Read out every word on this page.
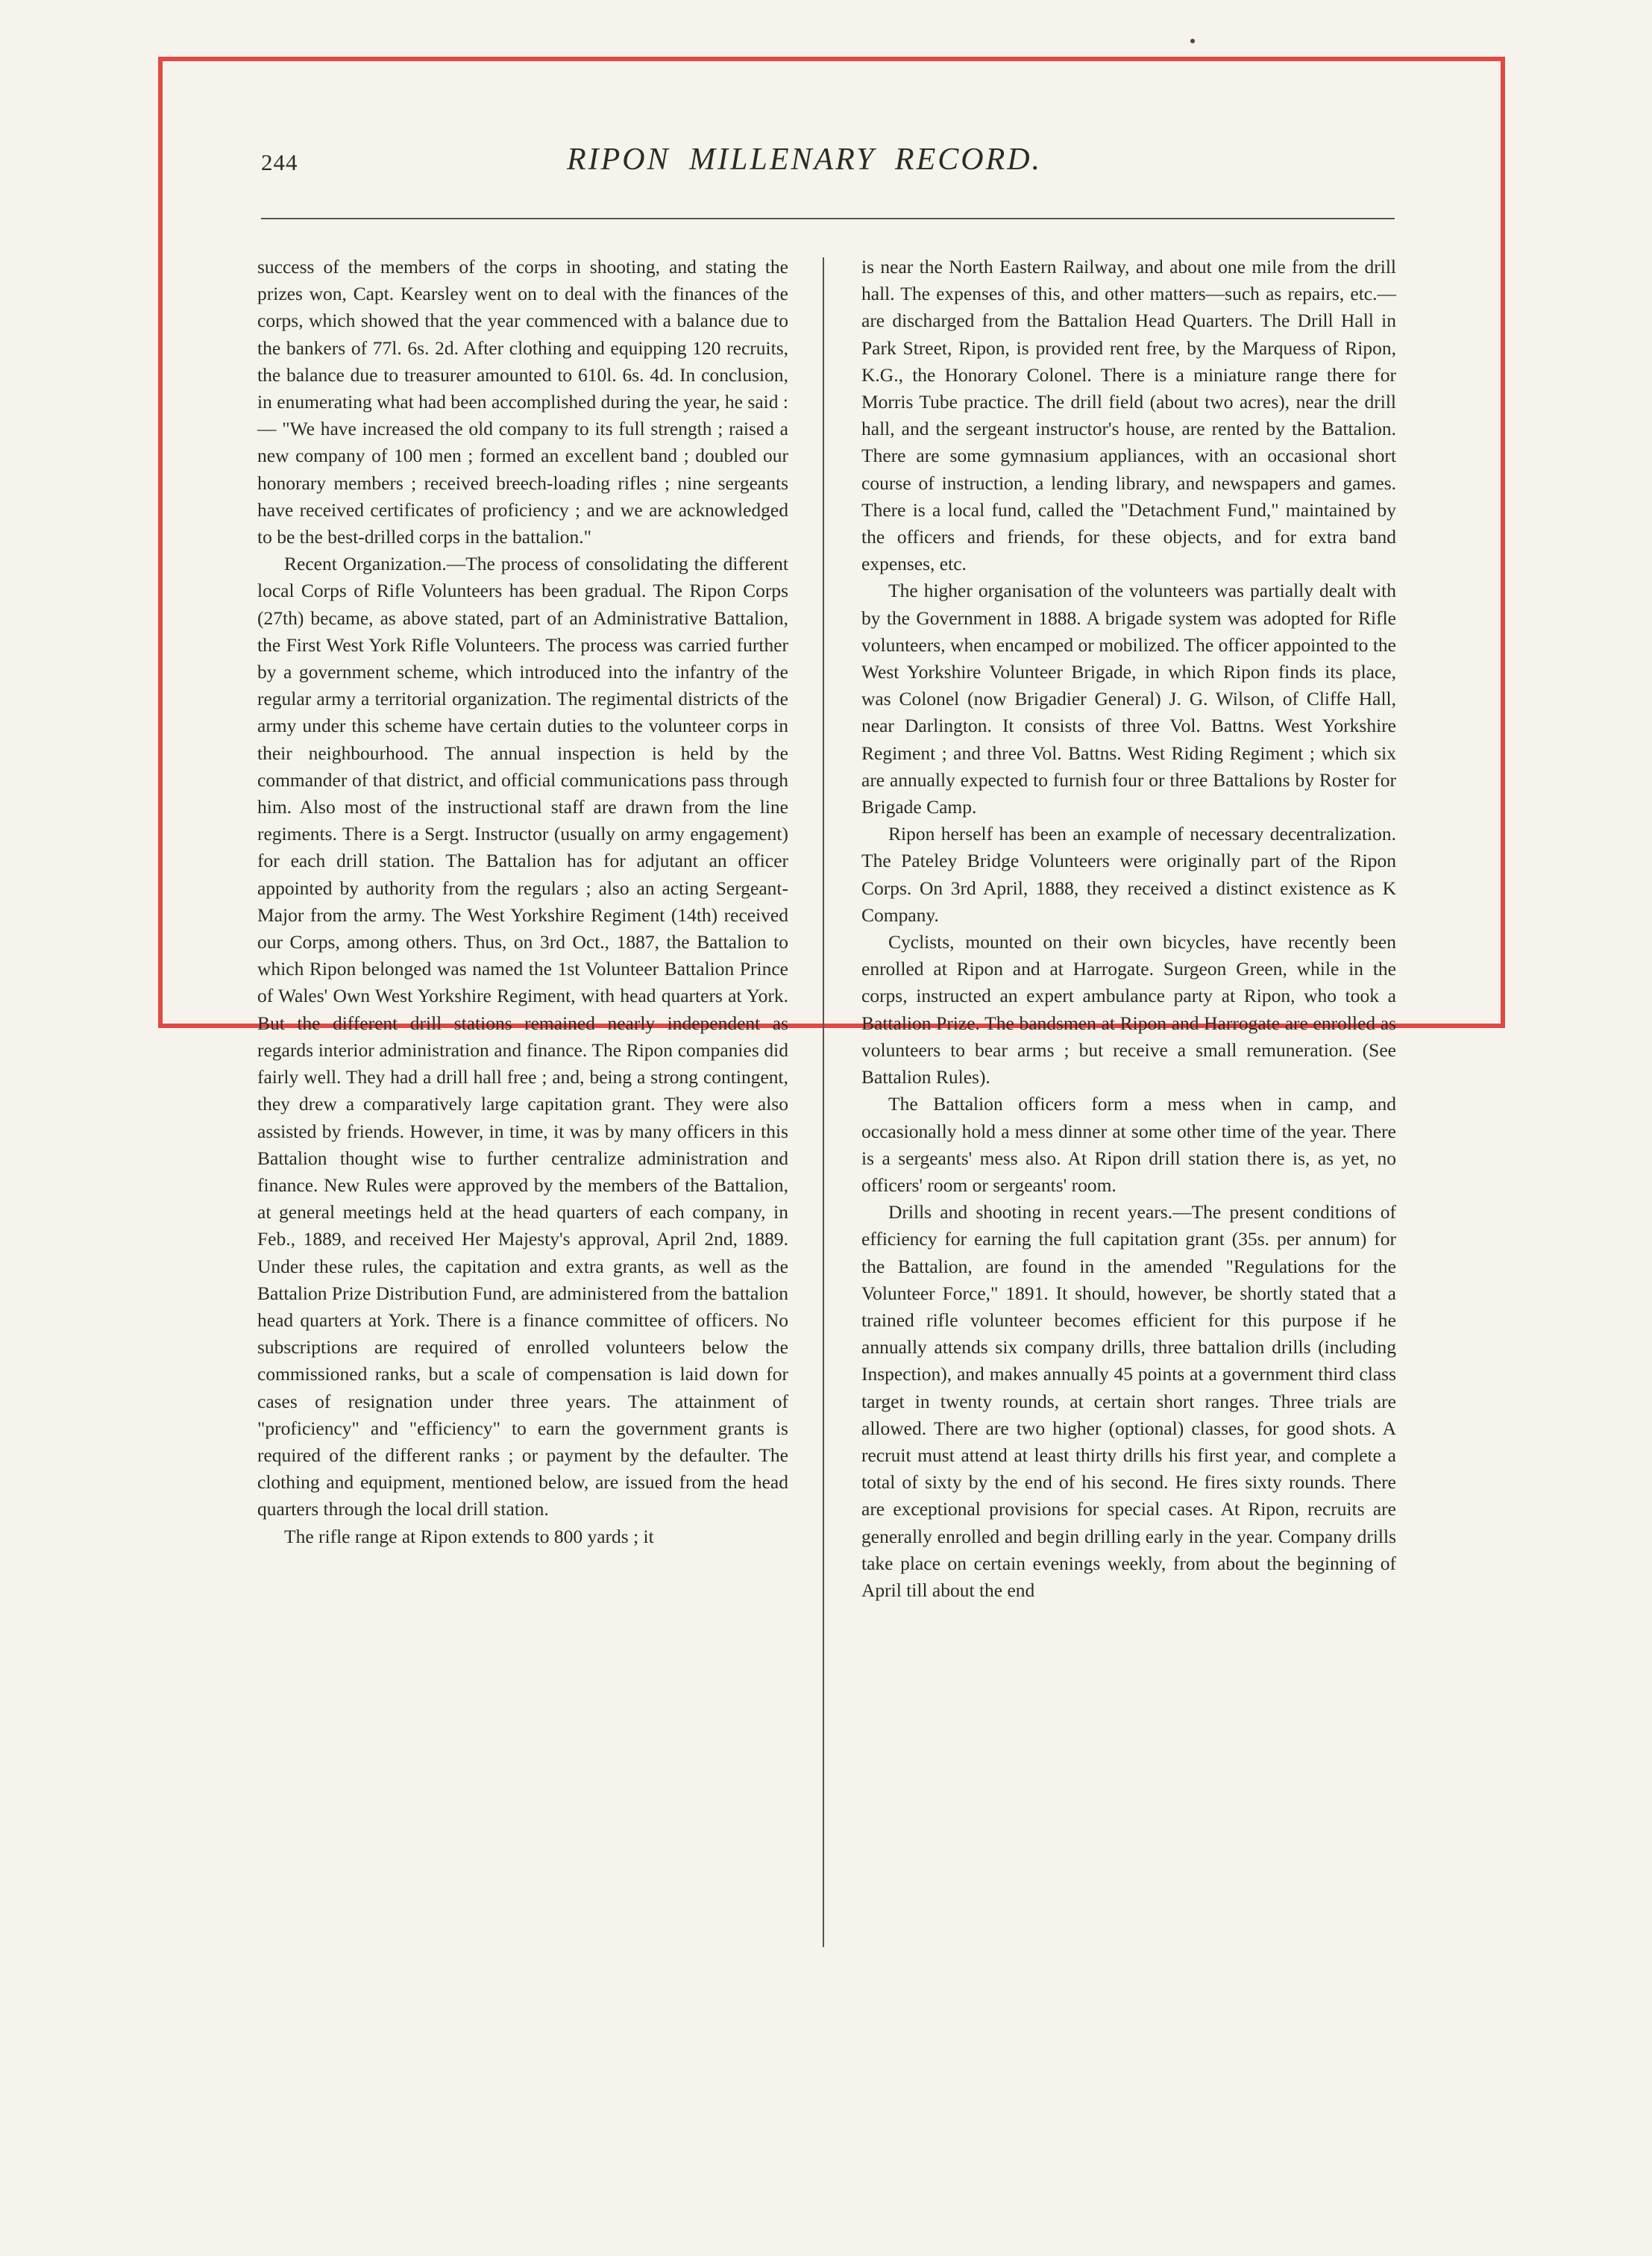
244	RIPON MILLENARY RECORD.

success of the members of the corps in shooting, and stating the prizes won, Capt. Kearsley went on to deal with the finances of the corps, which showed that the year commenced with a balance due to the bankers of 77l. 6s. 2d. After clothing and equipping 120 recruits, the balance due to treasurer amounted to 610l. 6s. 4d. In conclusion, in enumerating what had been accomplished during the year, he said :— "We have increased the old company to its full strength ; raised a new company of 100 men ; formed an excellent band ; doubled our honorary members ; received breech-loading rifles ; nine sergeants have received certificates of proficiency ; and we are acknowledged to be the best-drilled corps in the battalion."

Recent Organization.—The process of consolidating the different local Corps of Rifle Volunteers has been gradual. The Ripon Corps (27th) became, as above stated, part of an Administrative Battalion, the First West York Rifle Volunteers. The process was carried further by a government scheme, which introduced into the infantry of the regular army a territorial organization. The regimental districts of the army under this scheme have certain duties to the volunteer corps in their neighbourhood. The annual inspection is held by the commander of that district, and official communications pass through him. Also most of the instructional staff are drawn from the line regiments. There is a Sergt. Instructor (usually on army engagement) for each drill station. The Battalion has for adjutant an officer appointed by authority from the regulars ; also an acting Sergeant-Major from the army. The West Yorkshire Regiment (14th) received our Corps, among others. Thus, on 3rd Oct., 1887, the Battalion to which Ripon belonged was named the 1st Volunteer Battalion Prince of Wales' Own West Yorkshire Regiment, with head quarters at York. But the different drill stations remained nearly independent as regards interior administration and finance. The Ripon companies did fairly well. They had a drill hall free ; and, being a strong contingent, they drew a comparatively large capitation grant. They were also assisted by friends. However, in time, it was by many officers in this Battalion thought wise to further centralize administration and finance. New Rules were approved by the members of the Battalion, at general meetings held at the head quarters of each company, in Feb., 1889, and received Her Majesty's approval, April 2nd, 1889. Under these rules, the capitation and extra grants, as well as the Battalion Prize Distribution Fund, are administered from the battalion head quarters at York. There is a finance committee of officers. No subscriptions are required of enrolled volunteers below the commissioned ranks, but a scale of compensation is laid down for cases of resignation under three years. The attainment of "proficiency" and "efficiency" to earn the government grants is required of the different ranks ; or payment by the defaulter. The clothing and equipment, mentioned below, are issued from the head quarters through the local drill station.

The rifle range at Ripon extends to 800 yards ; it

is near the North Eastern Railway, and about one mile from the drill hall. The expenses of this, and other matters—such as repairs, etc.—are discharged from the Battalion Head Quarters. The Drill Hall in Park Street, Ripon, is provided rent free, by the Marquess of Ripon, K.G., the Honorary Colonel. There is a miniature range there for Morris Tube practice. The drill field (about two acres), near the drill hall, and the sergeant instructor's house, are rented by the Battalion. There are some gymnasium appliances, with an occasional short course of instruction, a lending library, and newspapers and games. There is a local fund, called the "Detachment Fund," maintained by the officers and friends, for these objects, and for extra band expenses, etc.

The higher organisation of the volunteers was partially dealt with by the Government in 1888. A brigade system was adopted for Rifle volunteers, when encamped or mobilized. The officer appointed to the West Yorkshire Volunteer Brigade, in which Ripon finds its place, was Colonel (now Brigadier General) J. G. Wilson, of Cliffe Hall, near Darlington. It consists of three Vol. Battns. West Yorkshire Regiment ; and three Vol. Battns. West Riding Regiment ; which six are annually expected to furnish four or three Battalions by Roster for Brigade Camp.

Ripon herself has been an example of necessary decentralization. The Pateley Bridge Volunteers were originally part of the Ripon Corps. On 3rd April, 1888, they received a distinct existence as K Company.

Cyclists, mounted on their own bicycles, have recently been enrolled at Ripon and at Harrogate. Surgeon Green, while in the corps, instructed an expert ambulance party at Ripon, who took a Battalion Prize. The bandsmen at Ripon and Harrogate are enrolled as volunteers to bear arms ; but receive a small remuneration. (See Battalion Rules).

The Battalion officers form a mess when in camp, and occasionally hold a mess dinner at some other time of the year. There is a sergeants' mess also. At Ripon drill station there is, as yet, no officers' room or sergeants' room.

Drills and shooting in recent years.—The present conditions of efficiency for earning the full capitation grant (35s. per annum) for the Battalion, are found in the amended "Regulations for the Volunteer Force," 1891. It should, however, be shortly stated that a trained rifle volunteer becomes efficient for this purpose if he annually attends six company drills, three battalion drills (including Inspection), and makes annually 45 points at a government third class target in twenty rounds, at certain short ranges. Three trials are allowed. There are two higher (optional) classes, for good shots. A recruit must attend at least thirty drills his first year, and complete a total of sixty by the end of his second. He fires sixty rounds. There are exceptional provisions for special cases. At Ripon, recruits are generally enrolled and begin drilling early in the year. Company drills take place on certain evenings weekly, from about the beginning of April till about the end
